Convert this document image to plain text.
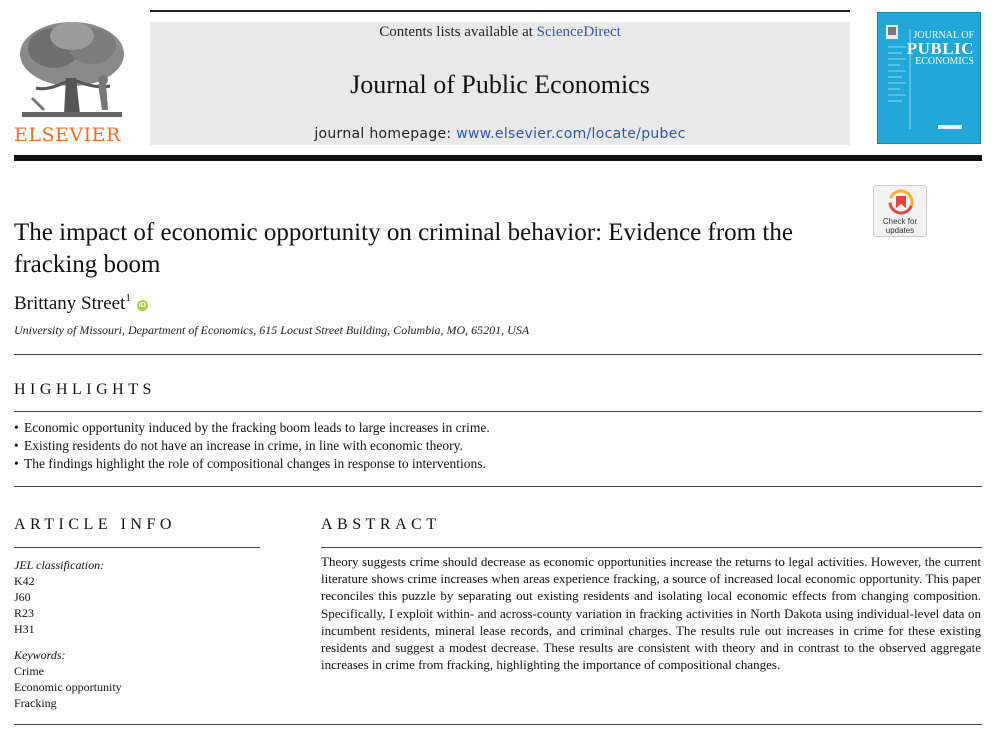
ELSEVIER
Contents lists available at ScienceDirect
Journal of Public Economics
journal homepage: www.elsevier.com/locate/pubec
JOURNAL OF
PUBLIC
ECONOMICS
Check for updates
The impact of economic opportunity on criminal behavior: Evidence from the fracking boom
Brittany Street$^1$iD
University of Missouri, Department of Economics, 615 Locust Street Building, Columbia, MO, 65201, USA
HIGHLIGHTS
• Economic opportunity induced by the fracking boom leads to large increases in crime.
• Existing residents do not have an increase in crime, in line with economic theory.
• The findings highlight the role of compositional changes in response to interventions.
ARTICLE INFO
JEL classification:
K42
J60
R23
H31
Keywords:
Crime
Economic opportunity
Fracking
ABSTRACT

Theory suggests crime should decrease as economic opportunities increase the returns to legal activities. However, the current literature shows crime increases when areas experience fracking, a source of increased local economic opportunity. This paper reconciles this puzzle by separating out existing residents and isolating local economic effects from changing composition. Specifically, I exploit within- and across-county variation in fracking activities in North Dakota using individual-level data on incumbent residents, mineral lease records, and criminal charges. The results rule out increases in crime for these existing residents and suggest a modest decrease. These results are consistent with theory and in contrast to the observed aggregate increases in crime from fracking, highlighting the importance of compositional changes.
